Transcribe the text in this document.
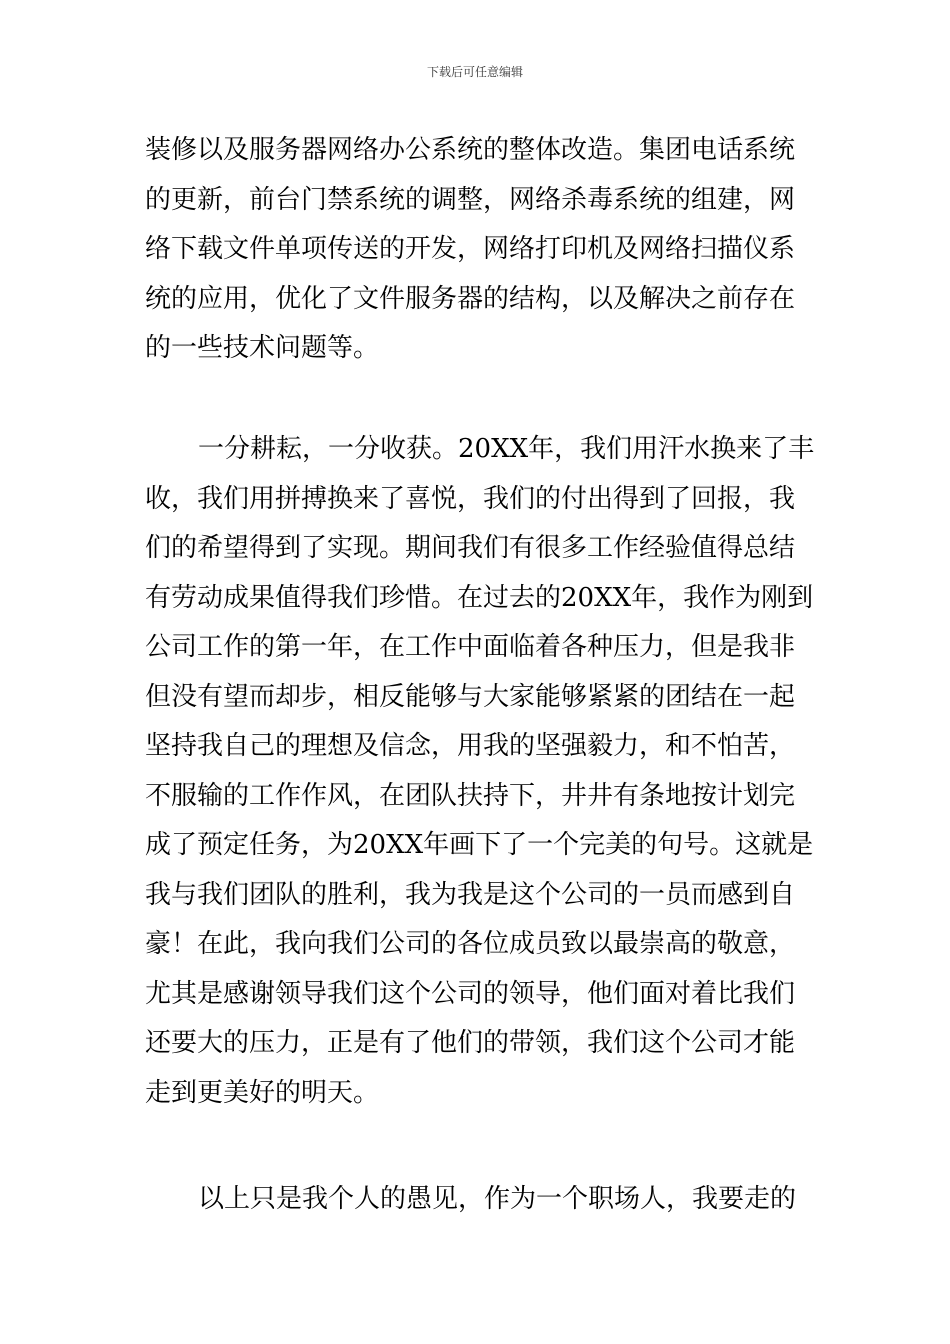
下载后可任意编辑
装修以及服务器网络办公系统的整体改造。集团电话系统
的更新，前台门禁系统的调整，网络杀毒系统的组建，网
络下载文件单项传送的开发，网络打印机及网络扫描仪系
统的应用，优化了文件服务器的结构，以及解决之前存在
的一些技术问题等。
一分耕耘，一分收获。20XX年，我们用汗水换来了丰
收，我们用拼搏换来了喜悦，我们的付出得到了回报，我
们的希望得到了实现。期间我们有很多工作经验值得总结
有劳动成果值得我们珍惜。在过去的20XX年，我作为刚到
公司工作的第一年，在工作中面临着各种压力，但是我非
但没有望而却步，相反能够与大家能够紧紧的团结在一起
坚持我自己的理想及信念，用我的坚强毅力，和不怕苦，
不服输的工作作风，在团队扶持下，井井有条地按计划完
成了预定任务，为20XX年画下了一个完美的句号。这就是
我与我们团队的胜利，我为我是这个公司的一员而感到自
豪！在此，我向我们公司的各位成员致以最崇高的敬意，
尤其是感谢领导我们这个公司的领导，他们面对着比我们
还要大的压力，正是有了他们的带领，我们这个公司才能
走到更美好的明天。
以上只是我个人的愚见，作为一个职场人，我要走的
